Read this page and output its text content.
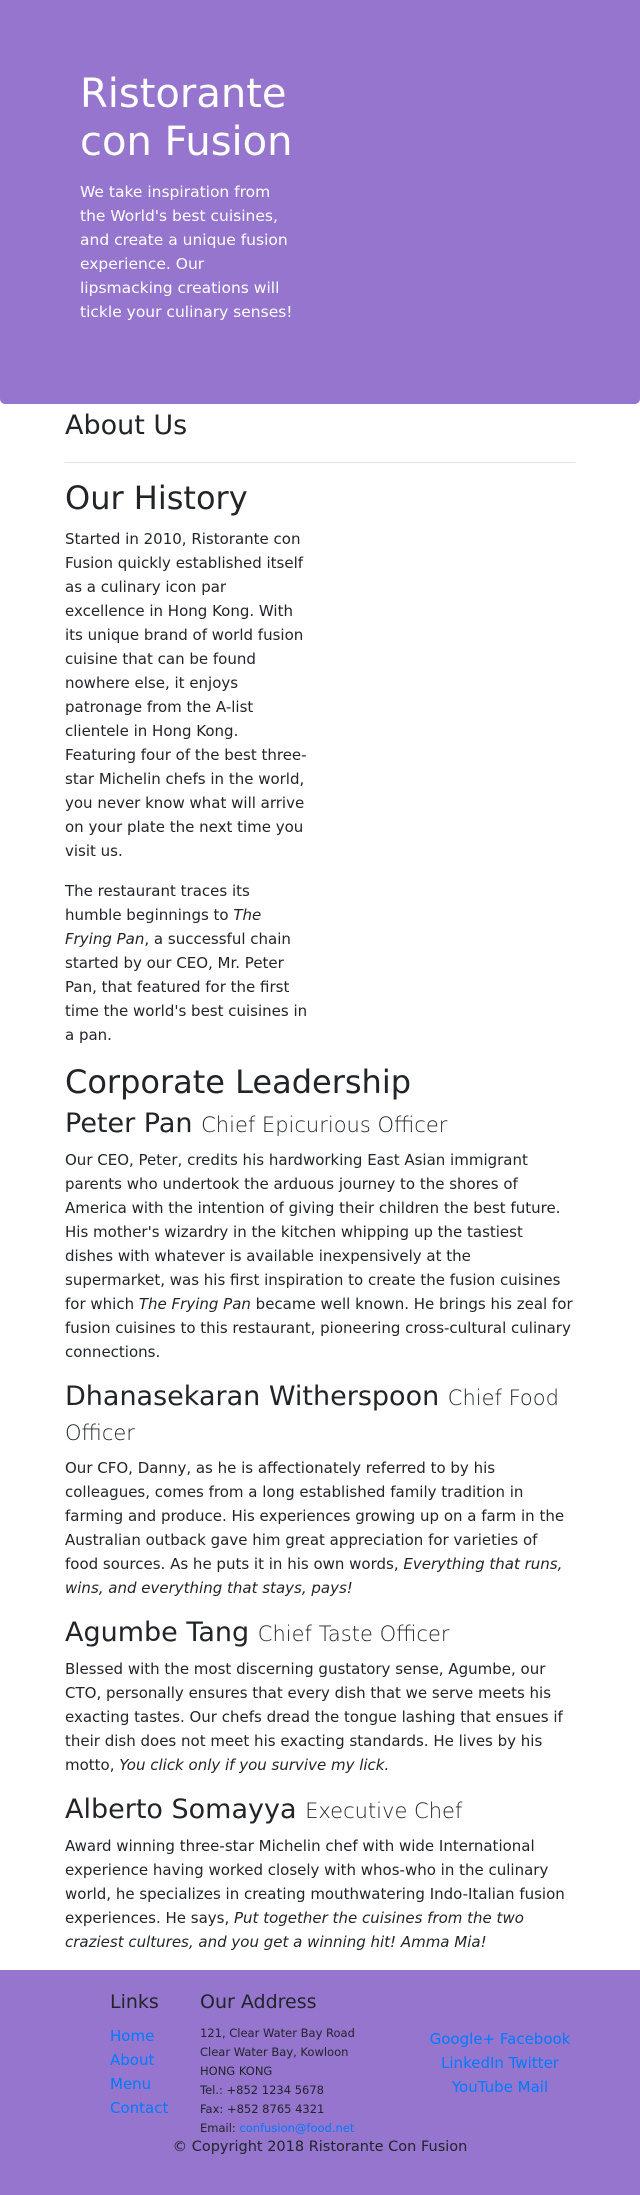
Ristorante con Fusion

We take inspiration from the World's best cuisines, and create a unique fusion experience. Our lipsmacking creations will tickle your culinary senses!

About Us
Our History

Started in 2010, Ristorante con Fusion quickly established itself as a culinary icon par excellence in Hong Kong. With its unique brand of world fusion cuisine that can be found nowhere else, it enjoys patronage from the A-list clientele in Hong Kong. Featuring four of the best three-star Michelin chefs in the world, you never know what will arrive on your plate the next time you visit us.

The restaurant traces its humble beginnings to The Frying Pan, a successful chain started by our CEO, Mr. Peter Pan, that featured for the first time the world's best cuisines in a pan.

Corporate Leadership
Peter Pan Chief Epicurious Officer

Our CEO, Peter, credits his hardworking East Asian immigrant parents who undertook the arduous journey to the shores of America with the intention of giving their children the best future. His mother's wizardry in the kitchen whipping up the tastiest dishes with whatever is available inexpensively at the supermarket, was his first inspiration to create the fusion cuisines for which The Frying Pan became well known. He brings his zeal for fusion cuisines to this restaurant, pioneering cross-cultural culinary connections.

Dhanasekaran Witherspoon Chief Food Officer

Our CFO, Danny, as he is affectionately referred to by his colleagues, comes from a long established family tradition in farming and produce. His experiences growing up on a farm in the Australian outback gave him great appreciation for varieties of food sources. As he puts it in his own words, Everything that runs, wins, and everything that stays, pays!

Agumbe Tang Chief Taste Officer

Blessed with the most discerning gustatory sense, Agumbe, our CTO, personally ensures that every dish that we serve meets his exacting tastes. Our chefs dread the tongue lashing that ensues if their dish does not meet his exacting standards. He lives by his motto, You click only if you survive my lick.

Alberto Somayya Executive Chef

Award winning three-star Michelin chef with wide International experience having worked closely with whos-who in the culinary world, he specializes in creating mouthwatering Indo-Italian fusion experiences. He says, Put together the cuisines from the two craziest cultures, and you get a winning hit! Amma Mia!

Links
Home
About
Menu
Contact
Our Address
121, Clear Water Bay Road
Clear Water Bay, Kowloon
HONG KONG
Tel.: +852 1234 5678
Fax: +852 8765 4321
Email: confusion@food.net
Google+ Facebook
LinkedIn Twitter
YouTube Mail
© Copyright 2018 Ristorante Con Fusion
